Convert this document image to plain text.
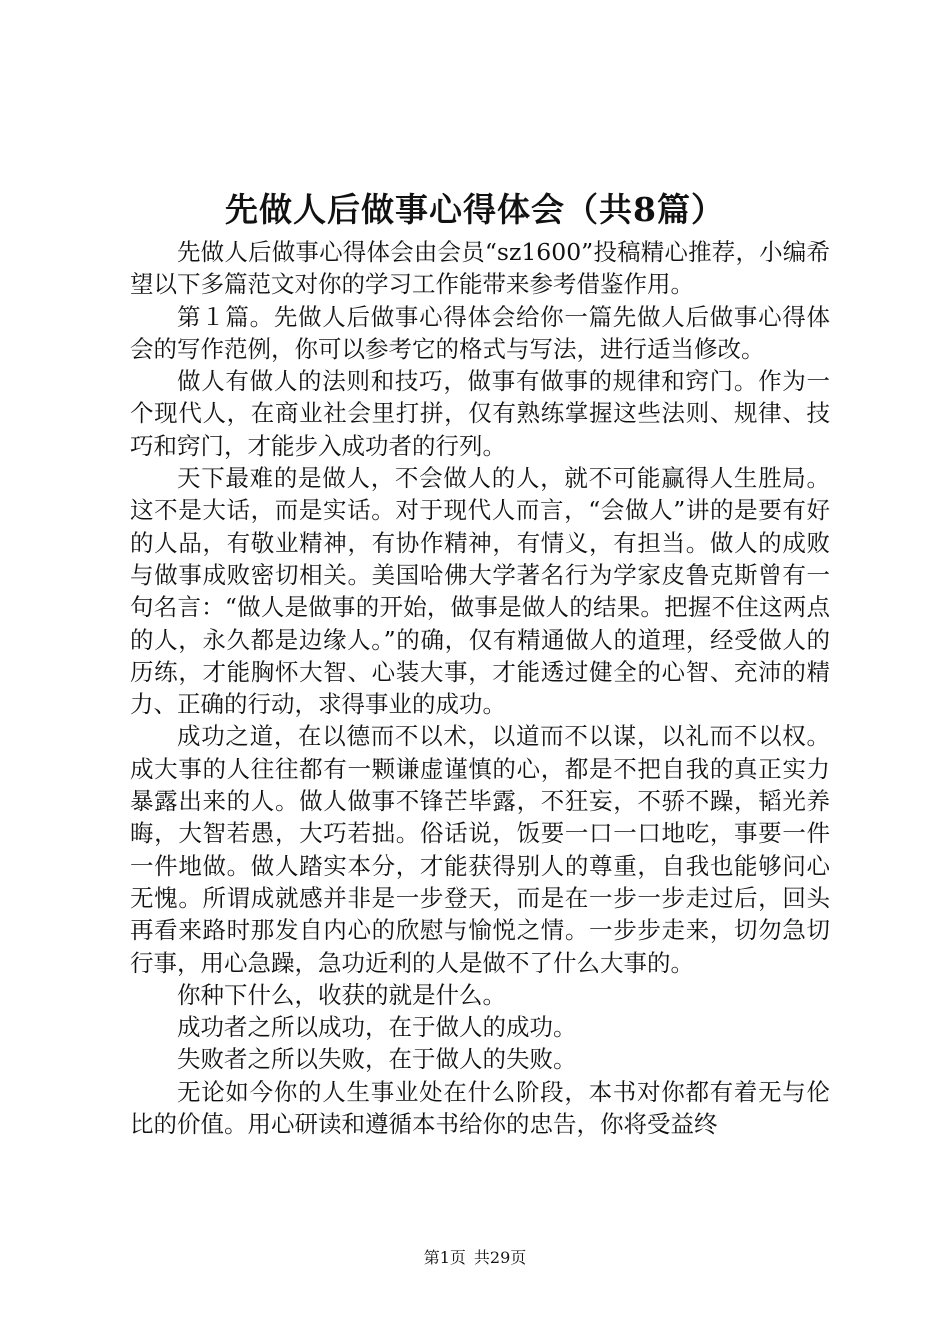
先做人后做事心得体会（共8篇）

先做人后做事心得体会由会员“sz1600”投稿精心推荐，小编希望以下多篇范文对你的学习工作能带来参考借鉴作用。

第１篇。先做人后做事心得体会给你一篇先做人后做事心得体会的写作范例，你可以参考它的格式与写法，进行适当修改。

做人有做人的法则和技巧，做事有做事的规律和窍门。作为一个现代人，在商业社会里打拼，仅有熟练掌握这些法则、规律、技巧和窍门，才能步入成功者的行列。

天下最难的是做人，不会做人的人，就不可能赢得人生胜局。这不是大话，而是实话。对于现代人而言，“会做人”讲的是要有好的人品，有敬业精神，有协作精神，有情义，有担当。做人的成败与做事成败密切相关。美国哈佛大学著名行为学家皮鲁克斯曾有一句名言：“做人是做事的开始，做事是做人的结果。把握不住这两点的人，永久都是边缘人。”的确，仅有精通做人的道理，经受做人的历练，才能胸怀大智、心装大事，才能透过健全的心智、充沛的精力、正确的行动，求得事业的成功。

成功之道，在以德而不以术，以道而不以谋，以礼而不以权。成大事的人往往都有一颗谦虚谨慎的心，都是不把自我的真正实力暴露出来的人。做人做事不锋芒毕露，不狂妄，不骄不躁，韬光养晦，大智若愚，大巧若拙。俗话说，饭要一口一口地吃，事要一件一件地做。做人踏实本分，才能获得别人的尊重，自我也能够问心无愧。所谓成就感并非是一步登天，而是在一步一步走过后，回头再看来路时那发自内心的欣慰与愉悦之情。一步步走来，切勿急切行事，用心急躁，急功近利的人是做不了什么大事的。

你种下什么，收获的就是什么。

成功者之所以成功，在于做人的成功。

失败者之所以失败，在于做人的失败。

无论如今你的人生事业处在什么阶段，本书对你都有着无与伦比的价值。用心研读和遵循本书给你的忠告，你将受益终

第1页 共29页
